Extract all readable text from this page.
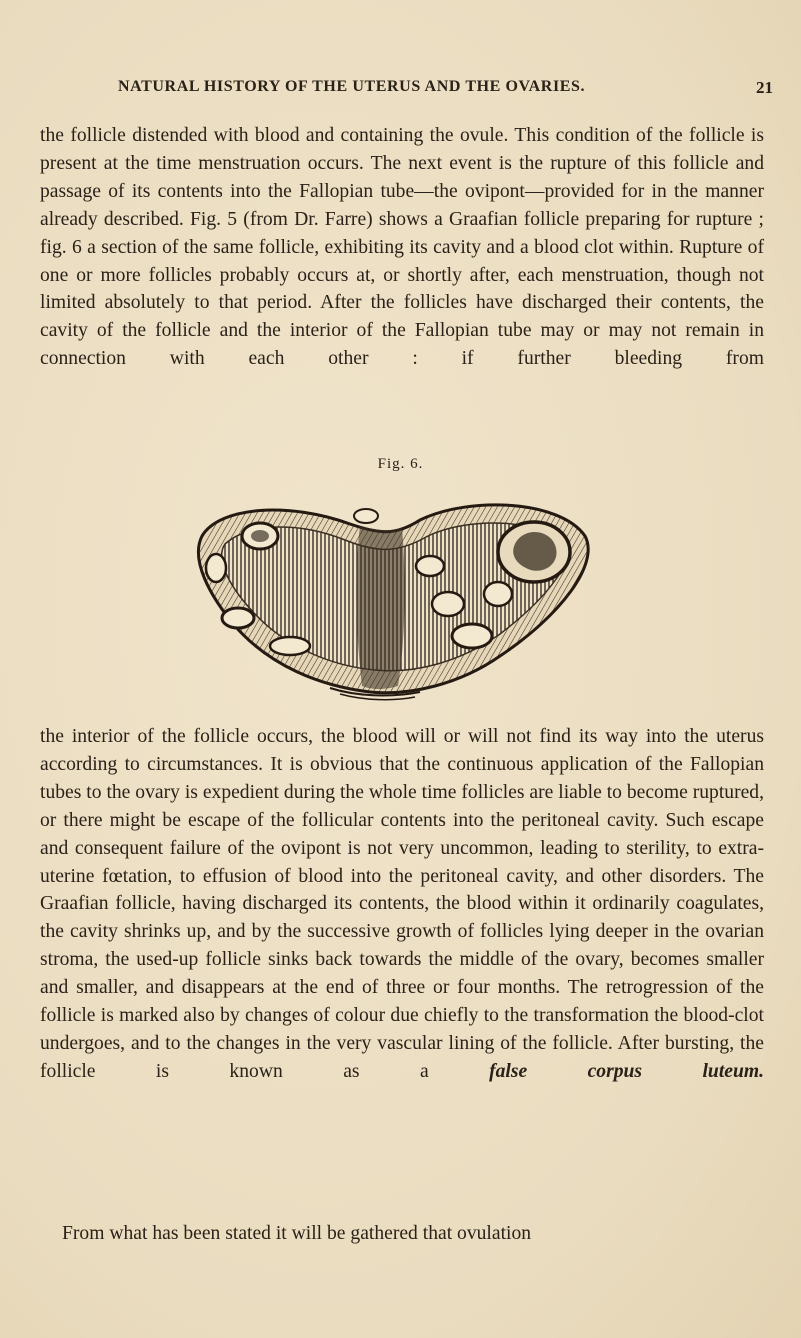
NATURAL HISTORY OF THE UTERUS AND THE OVARIES.	21

the follicle distended with blood and containing the ovule. This condition of the follicle is present at the time menstruation occurs. The next event is the rupture of this follicle and passage of its contents into the Fallopian tube—the ovipont—provided for in the manner already described. Fig. 5 (from Dr. Farre) shows a Graafian follicle preparing for rupture ; fig. 6 a section of the same follicle, exhibiting its cavity and a blood clot within. Rupture of one or more follicles probably occurs at, or shortly after, each menstruation, though not limited absolutely to that period. After the follicles have discharged their contents, the cavity of the follicle and the interior of the Fallopian tube may or may not remain in connection with each other : if further bleeding from

Fig. 6.

the interior of the follicle occurs, the blood will or will not find its way into the uterus according to circumstances. It is obvious that the continuous application of the Fallopian tubes to the ovary is expedient during the whole time follicles are liable to become ruptured, or there might be escape of the follicular contents into the peritoneal cavity. Such escape and consequent failure of the ovipont is not very uncommon, leading to sterility, to extra-uterine fœtation, to effusion of blood into the peritoneal cavity, and other disorders. The Graafian follicle, having discharged its contents, the blood within it ordinarily coagulates, the cavity shrinks up, and by the successive growth of follicles lying deeper in the ovarian stroma, the used-up follicle sinks back towards the middle of the ovary, becomes smaller and smaller, and disappears at the end of three or four months. The retrogression of the follicle is marked also by changes of colour due chiefly to the transformation the blood-clot undergoes, and to the changes in the very vascular lining of the follicle. After bursting, the follicle is known as a	false corpus luteum.

From what has been stated it will be gathered that ovulation
